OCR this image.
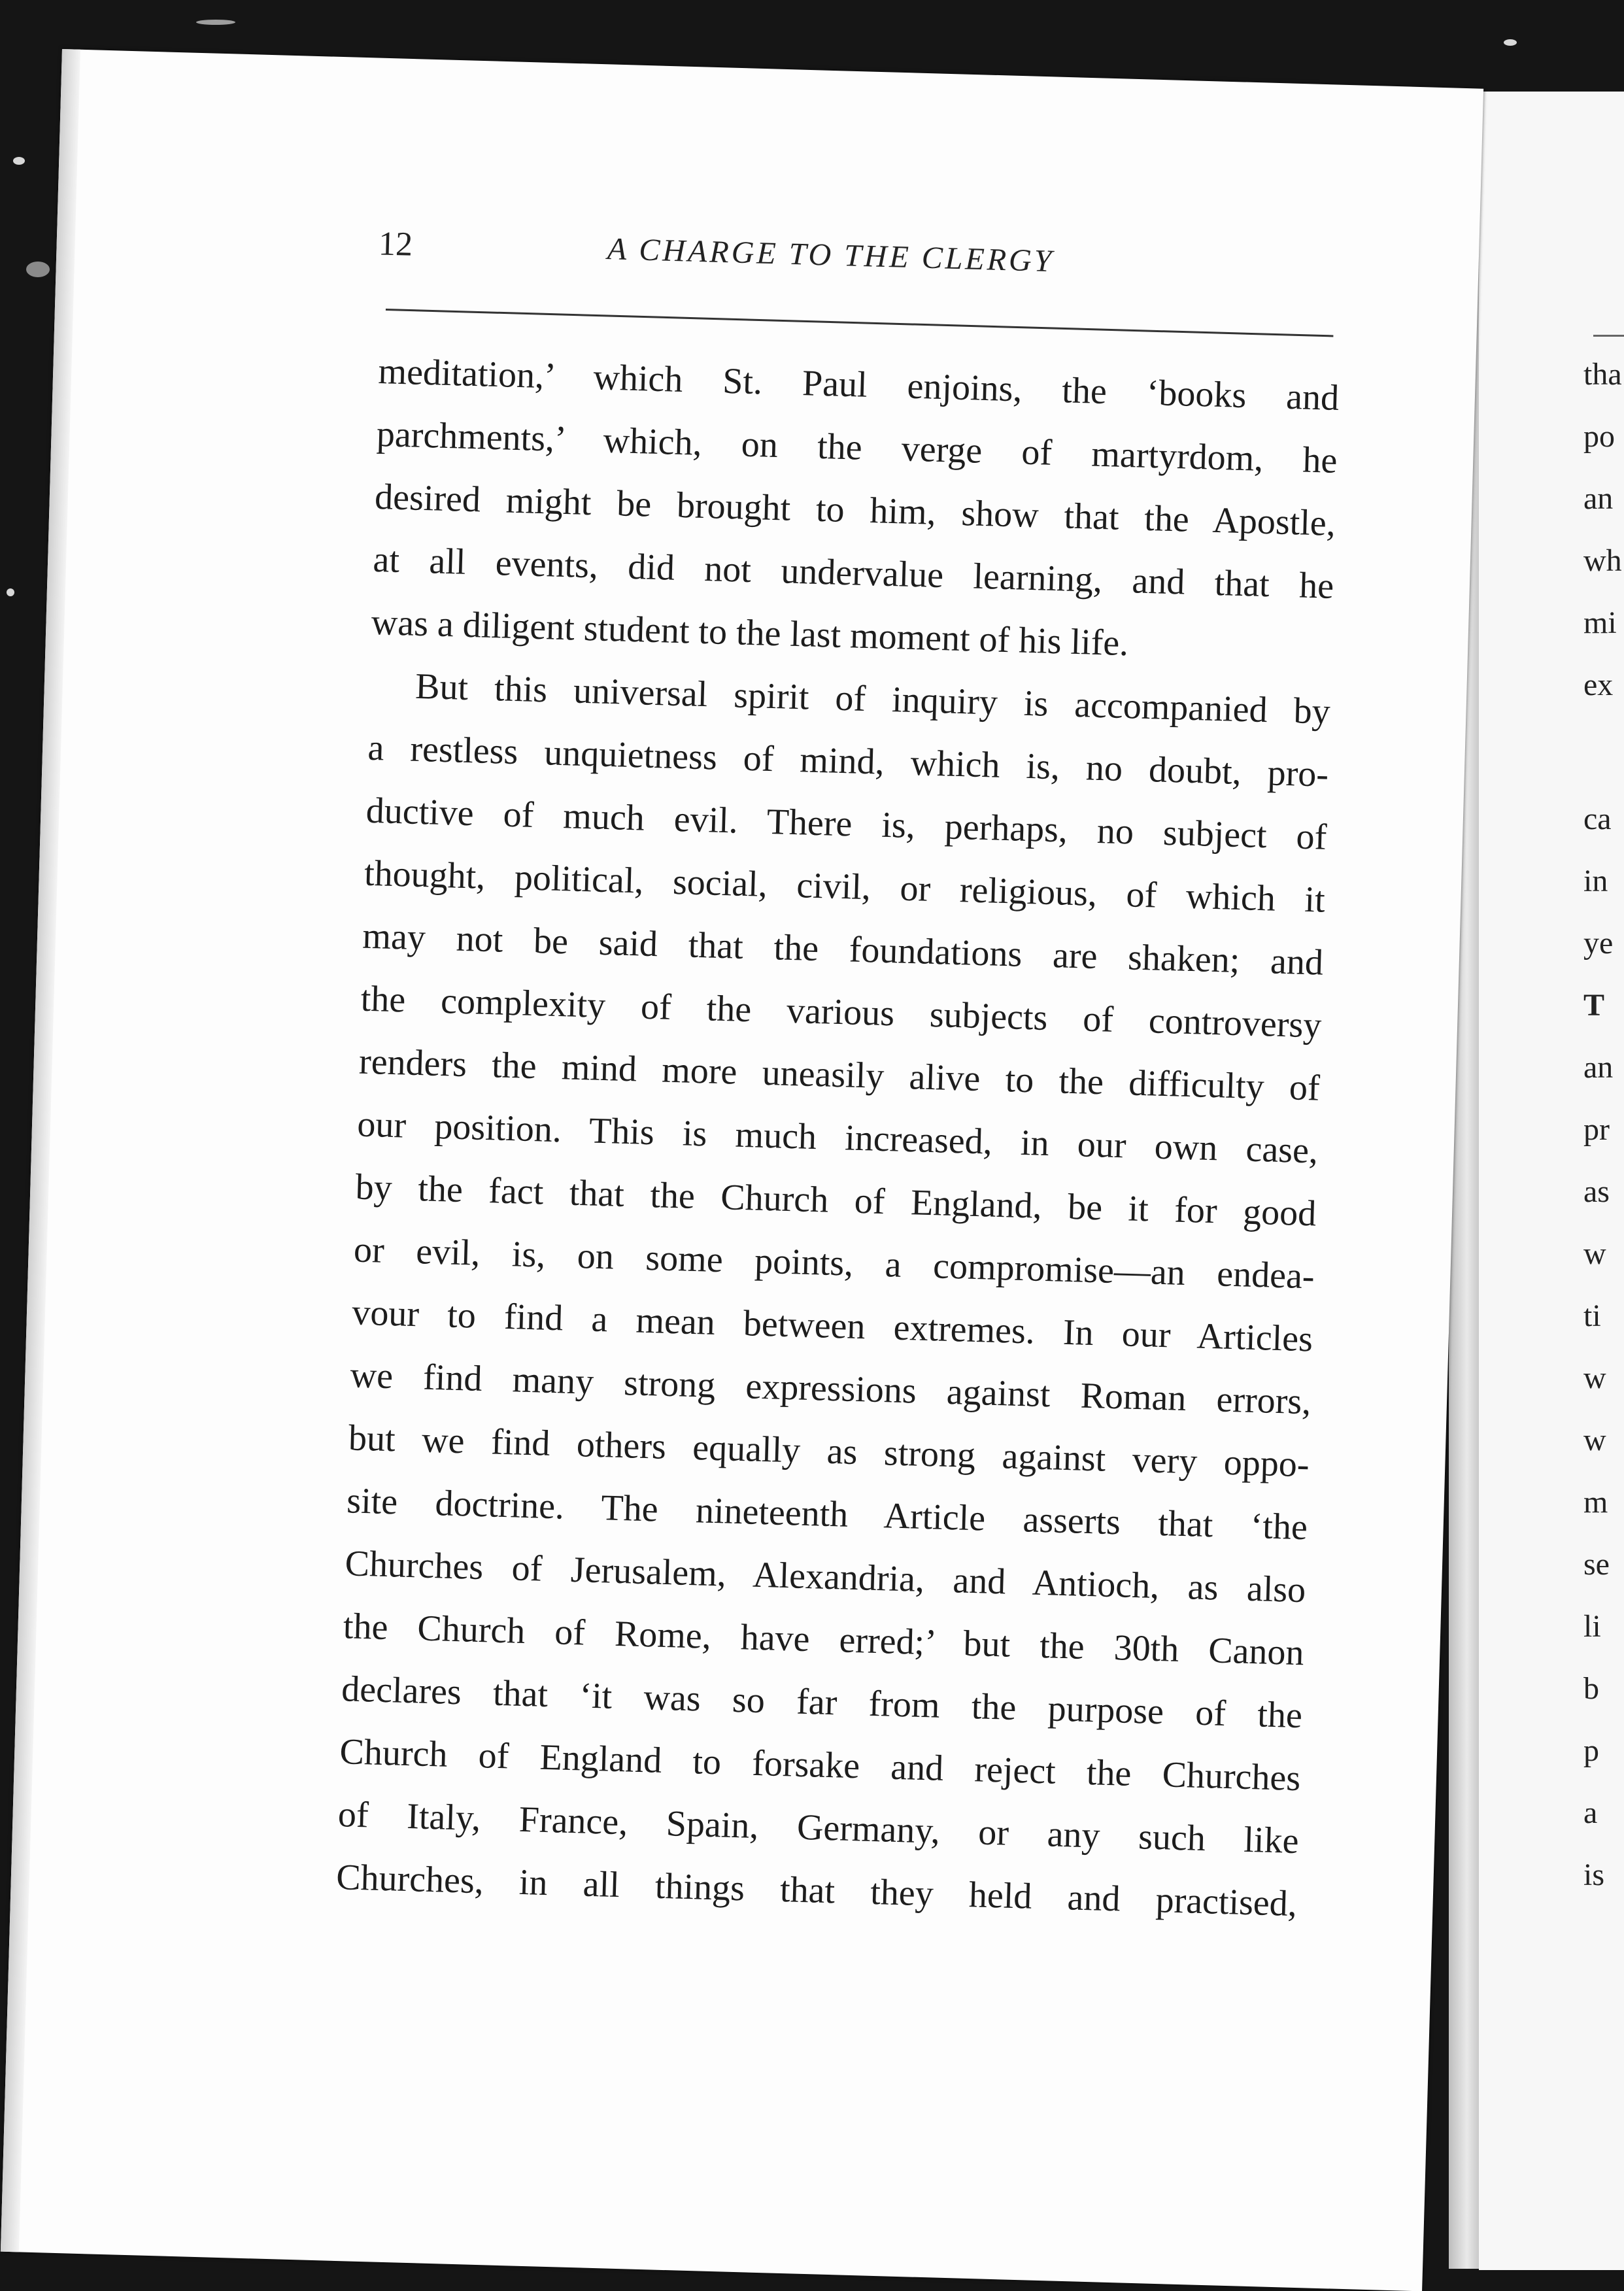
tha
po
an
wh
mi
ex
ca
in
ye
T
an
pr
as
w
ti
w
w
m
se
li
b
p
a
is
12	A CHARGE TO THE CLERGY
meditation,’ which St. Paul enjoins, the ‘books and
parchments,’ which, on the verge of martyrdom, he
desired might be brought to him, show that the Apostle,
at all events, did not undervalue learning, and that he
was a diligent student to the last moment of his life.
But this universal spirit of inquiry is accompanied by
a restless unquietness of mind, which is, no doubt, pro-
ductive of much evil. There is, perhaps, no subject of
thought, political, social, civil, or religious, of which it
may not be said that the foundations are shaken; and
the complexity of the various subjects of controversy
renders the mind more uneasily alive to the difficulty of
our position. This is much increased, in our own case,
by the fact that the Church of England, be it for good
or evil, is, on some points, a compromise—an endea-
vour to find a mean between extremes. In our Articles
we find many strong expressions against Roman errors,
but we find others equally as strong against very oppo-
site doctrine. The nineteenth Article asserts that ‘the
Churches of Jerusalem, Alexandria, and Antioch, as also
the Church of Rome, have erred;’ but the 30th Canon
declares that ‘it was so far from the purpose of the
Church of England to forsake and reject the Churches
of Italy, France, Spain, Germany, or any such like
Churches, in all things that they held and practised,
